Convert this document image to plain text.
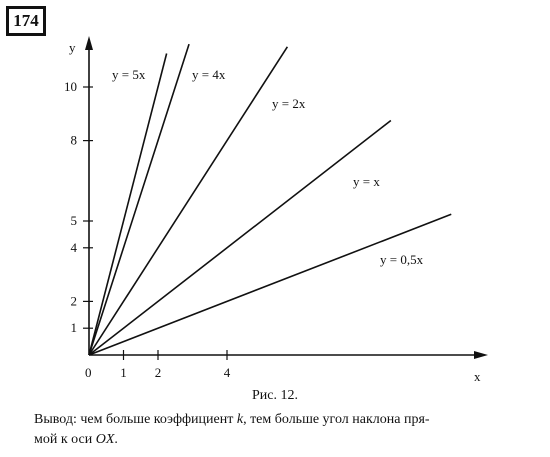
174
x
y
0 1 2	4
1
2
4
5
8
10
y = 5x	y = 4x
y = 2x
y = x
y = 0,5x
Рис. 12.
Вывод: чем больше коэффициент k, тем больше угол наклона пря-
мой к оси OX.
